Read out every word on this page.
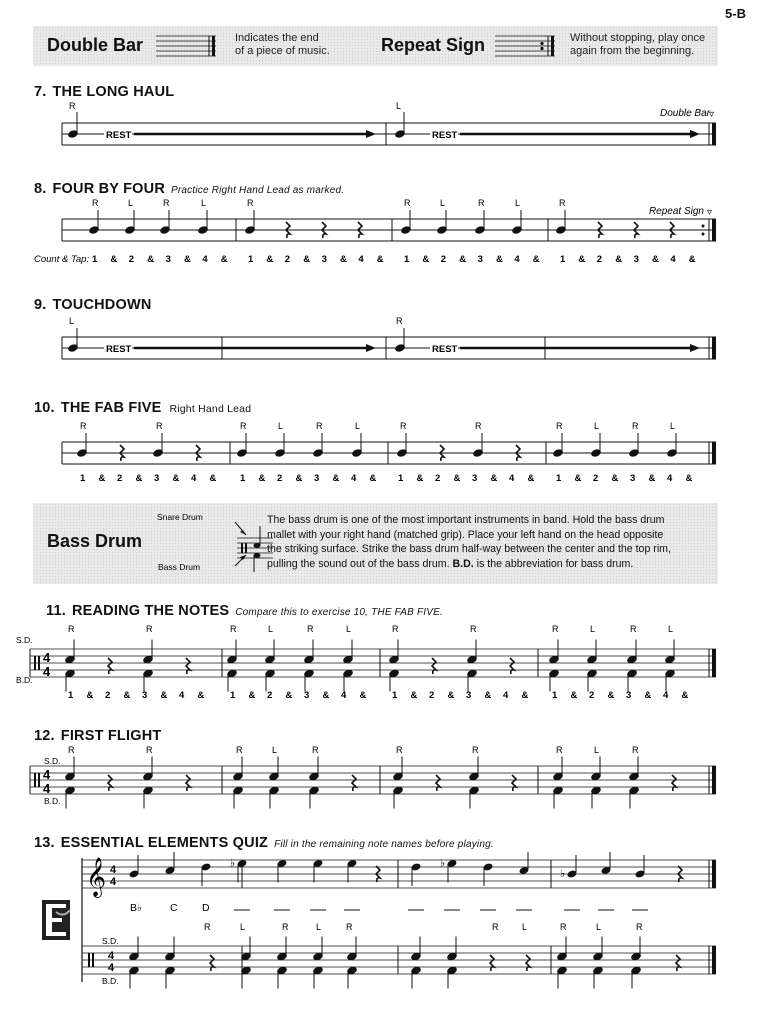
5-B
Double Bar	Indicates the end
of a piece of music.	Repeat Sign	Without stopping, play once
again from the beginning.
7. THE LONG HAUL
R	L
Double Bar ▿
REST	REST
8. FOUR BY FOUR Practice Right Hand Lead as marked.
R	L	R	L	R	R	L	R	L	R
Repeat Sign ▿
Count & Tap: 1 & 2 & 3 & 4 & 1 & 2 & 3 & 4 & 1 & 2 & 3 & 4 & 1 & 2 & 3 & 4 &
9. TOUCHDOWN
L	R
REST	REST
10. THE FAB FIVE Right Hand Lead
R	R	R	L	R	L	R	R	R	L	R	L
1 & 2 & 3 & 4 & 1 & 2 & 3 & 4 & 1 & 2 & 3 & 4 & 1 & 2 & 3 & 4 &
Bass Drum
Snare Drum
Bass Drum
The bass drum is one of the most important instruments in band. Hold the bass drum
mallet with your right hand (matched grip). Place your left hand on the head opposite
the striking surface. Strike the bass drum half-way between the center and the top rim,
pulling the sound out of the bass drum. B.D. is the abbreviation for bass drum.
11. READING THE NOTES Compare this to exercise 10, THE FAB FIVE.
S.D.
B.D.
R	R	R	L	R	L	R	R	R	L	R	L
4
4
1 & 2 & 3 & 4 &	1 & 2 & 3 & 4 &	1 & 2 & 3 & 4 & 1 & 2 & 3 & 4 &
12. FIRST FLIGHT
S.D.
B.D.
R	R	R	L	R	R	R	R	L	R
4
4
13. ESSENTIAL ELEMENTS QUIZ Fill in the remaining note names before playing.
𝄞 4
4
♭	♭
♭
B♭	C D
R	L	R	L	R	R	L	R	L	R
S.D.
B.D.
4
4
